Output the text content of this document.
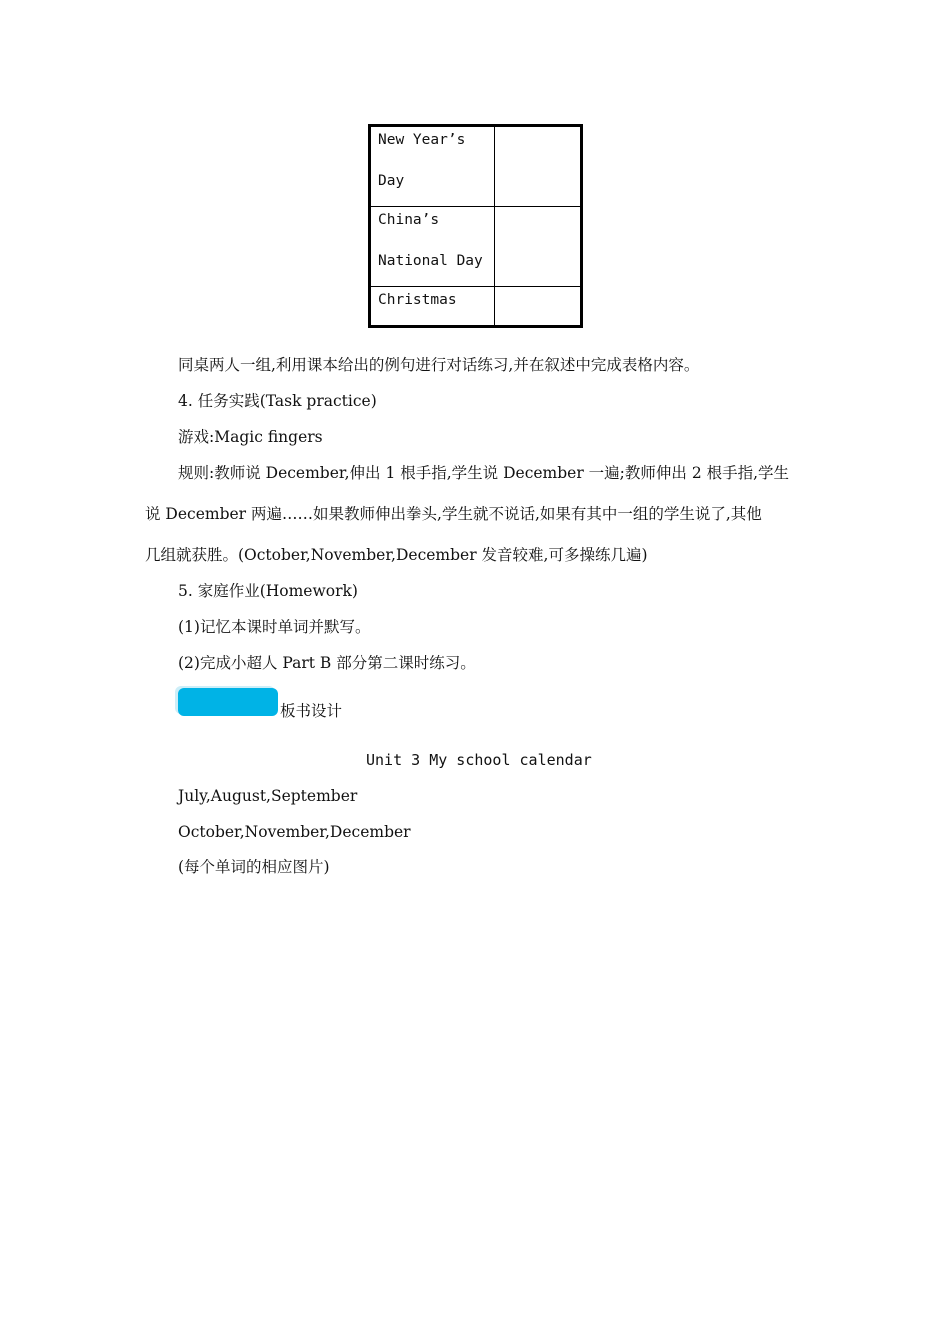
New Year’s
Day	

China’s
National Day	

Christmas	

同桌两人一组,利用课本给出的例句进行对话练习,并在叙述中完成表格内容。
4. 任务实践(Task practice)
游戏:Magic fingers
规则:教师说 December,伸出 1 根手指,学生说 December 一遍;教师伸出 2 根手指,学生
说 December 两遍……如果教师伸出拳头,学生就不说话,如果有其中一组的学生说了,其他
几组就获胜。(October,November,December 发音较难,可多操练几遍)
5. 家庭作业(Homework)
(1)记忆本课时单词并默写。
(2)完成小超人 Part B 部分第二课时练习。
板书设计
Unit 3 My school calendar
July,August,September
October,November,December
(每个单词的相应图片)
